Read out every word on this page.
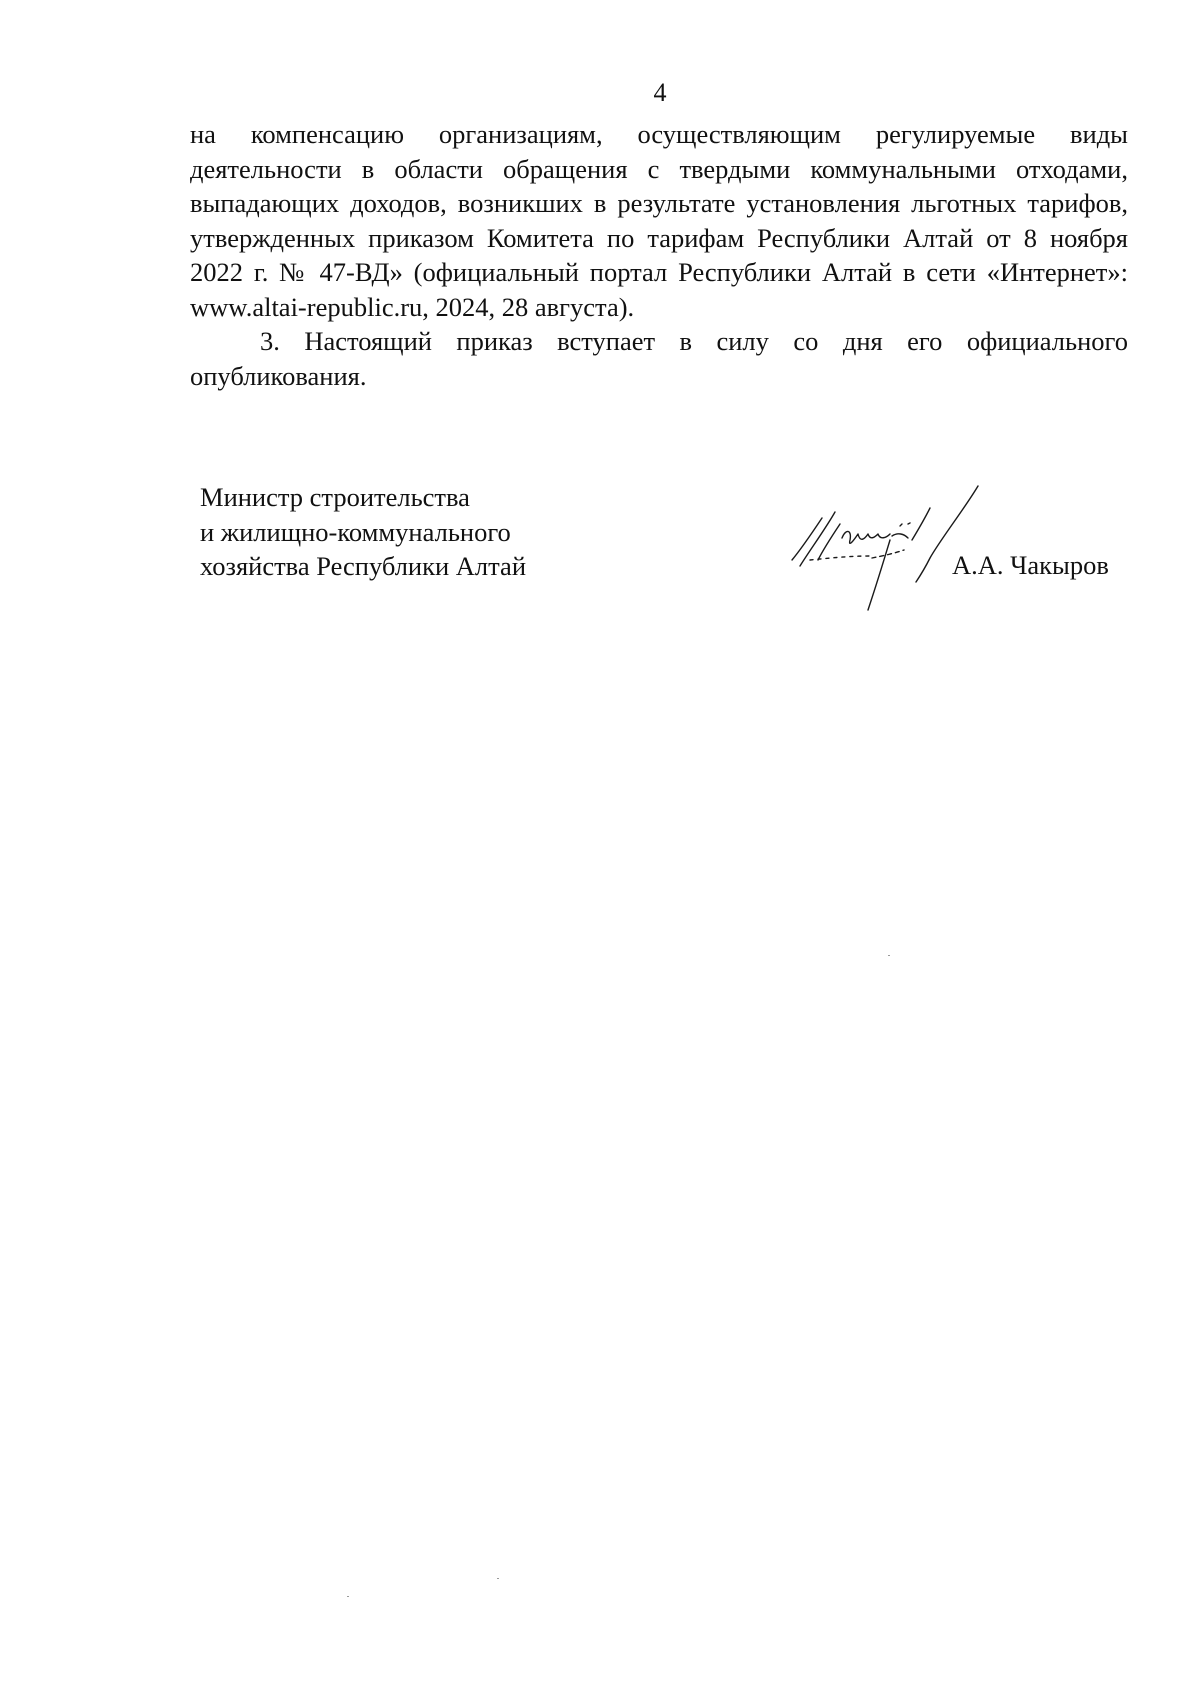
4

на компенсацию организациям, осуществляющим регулируемые виды деятельности в области обращения с твердыми коммунальными отходами, выпадающих доходов, возникших в результате установления льготных тарифов, утвержденных приказом Комитета по тарифам Республики Алтай от 8 ноября 2022 г. № 47-ВД» (официальный портал Республики Алтай в сети «Интернет»: www.altai-republic.ru, 2024, 28 августа).

3. Настоящий приказ вступает в силу со дня его официального опубликования.

Министр строительства
и жилищно-коммунального
хозяйства Республики Алтай	А.А. Чакыров
